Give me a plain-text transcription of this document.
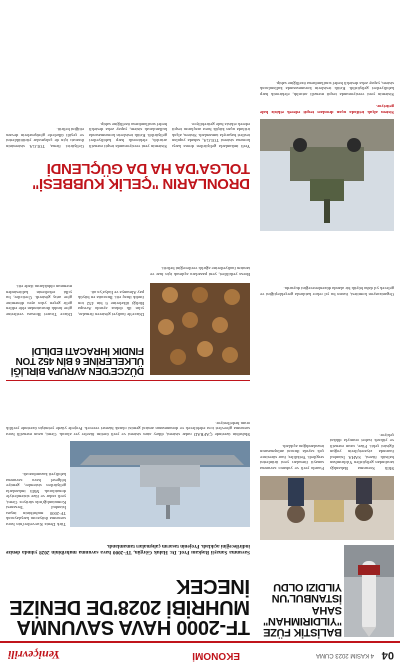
04
4 KASIM 2023 CUMA
EKONOMİ
Yeniçevrili
BALİSTİK FÜZE "YILDIRIMHAN" SAHA İSTANBUL'UN YILDIZI OLDU

Milli Savunma Bakanlığı tarafından geliştirilen Yıldırımhan balistik füzesi, SAHA İstanbul fuarında ziyaretçilerin yoğun ilgisini çekti. Füze, uzun menzili ve yüksek isabet oranıyla dikkat çekiyor.

Fuarda yerli ve yabancı savunma sanayii firmaları yeni ürünlerini sergiledi. Yetkililer, fuar süresince çok sayıda ihracat anlaşmasının imzalandığını açıkladı.

Organizasyon komitesi, fuarın bu yıl rekor katılımla gerçekleştiğini ve gelecek yıl daha büyük bir alanda düzenleneceğini duyurdu.

TF-2000 HAVA SAVUNMA MUHRİBİ 2028'DE DENİZE İNECEK

Savunma Sanayii Başkanı Prof. Dr. Haluk Görgün, TF-2000 hava savunma muhribinin 2028 yılında denize indirileceğini açıkladı. Projenin tasarım çalışmaları tamamlandı.

Türk Deniz Kuvvetleri'nin hava savunma ihtiyacını karşılayacak TF-2000 muhribinin inşası İstanbul Tersanesi Komutanlığı'nda sürüyor. Gemi, yerli radar ve füze sistemleriyle donatılacak. Milli imkanlarla geliştirilen sistemler, gemiye bölgesel hava savunma kabiliyeti kazandıracak.

Muhribin üzerinde ÇAFRAD radar sistemi, dikey atım sistemi ve yerli üretim füzeler yer alacak. Gemi, uzun menzilli hava savunma görevleri icra edebilecek ve donanmanın amiral gemisi olarak hizmet verecek. Projede yüzde yetmişin üzerinde yerlilik oranı hedefleniyor.

DÜZCE'DEN AVRUPA BİRLİĞİ ÜLKELERİNE 6 BİN 452 TON FINDIK İHRACATI EDİLDİ

Düzce'de faaliyet gösteren firmalar, yılın ilk dokuz ayında Avrupa Birliği ülkelerine 6 bin 452 ton fındık ihraç etti. İhracatta en büyük pay Almanya ve İtalya'ya ait.

Düzce Ticaret Borsası verilerine göre fındık ihracatından elde edilen gelir geçen yılın aynı dönemine göre artış gösterdi. Üreticiler, bu yılki rekoltenin kalitesinden memnun olduklarını ifade etti.

Borsa yetkilileri, yeni pazarlara açılmak için fuar ve tanıtım faaliyetlerine ağırlık verileceğini belirtti.

DRONLARIN "ÇELİK KUBBESİ" TOLGA'DA HA DA GÜÇLENDİ

Sistem alçak irtifada uçan dronları tespit ederek etkisiz hale getiriyor.

Yerli imkanlarla geliştirilen drona karşı koruma sistemi TOLGA, sahada yapılan testleri başarıyla tamamladı. Sistem, alçak irtifada uçan küçük hava araçlarını tespit ederek etkisiz hale getirebiliyor.

Sistemin yeni versiyonunda tespit menzili artırıldı, elektronik harp kabiliyetleri geliştirildi. Kritik tesislerin korunmasında kullanılacak sistem, yapay zeka destekli hedef sınıflandırma özelliğine sahip.

Geliştirici firma, TOLGA sisteminin ihracatı için de çalışmalar yürüttüklerini ve çeşitli ülkelerle görüşmelerin devam ettiğini belirtti.

Sistemin yeni versiyonunda tespit menzili artırıldı, elektronik harp kabiliyetleri geliştirildi. Kritik tesislerin korunmasında kullanılacak sistem, yapay zeka destekli hedef sınıflandırma özelliğine sahip.
